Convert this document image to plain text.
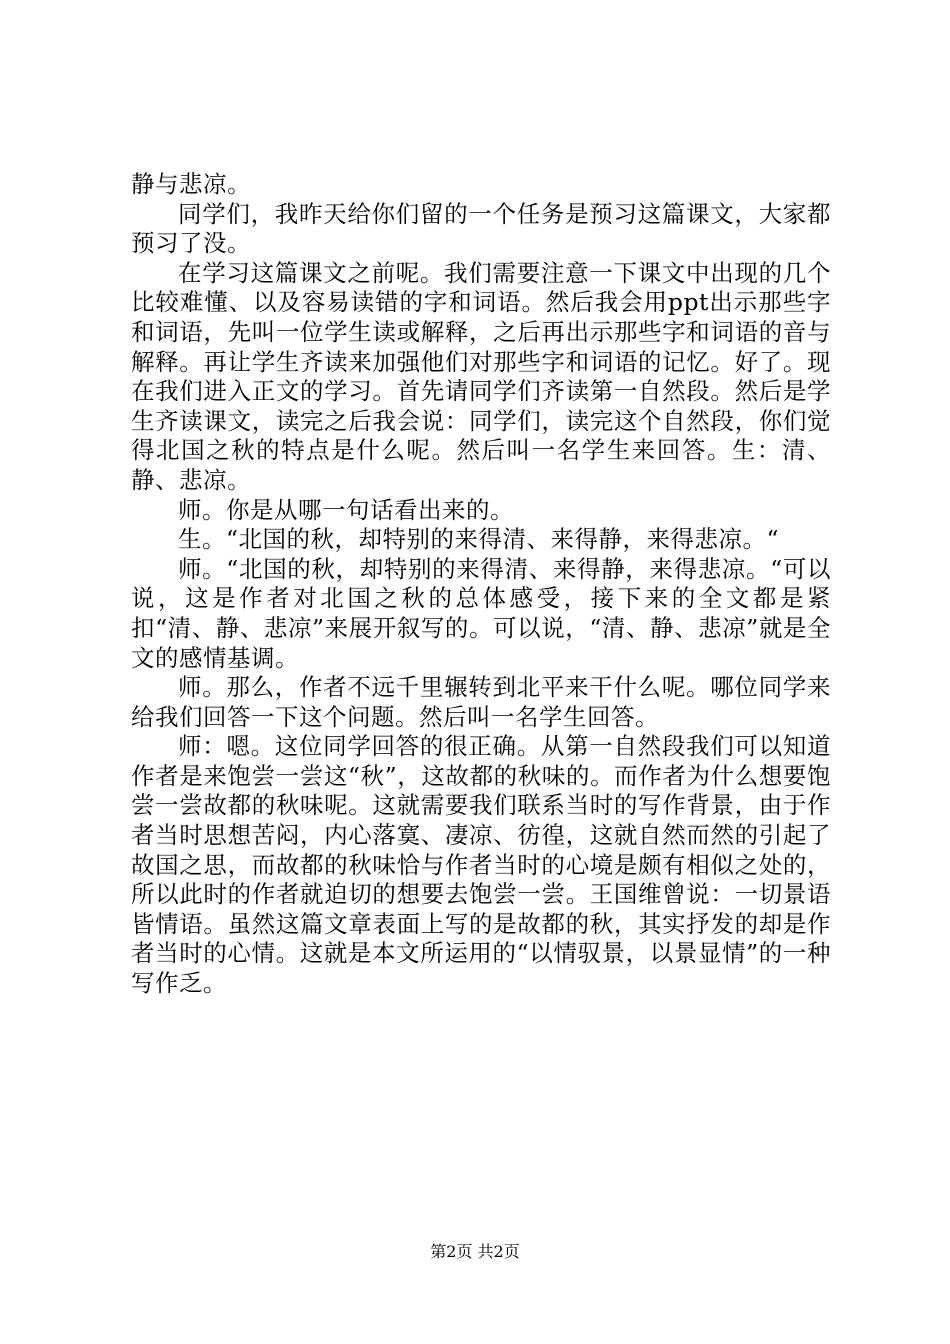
静与悲凉。

同学们，我昨天给你们留的一个任务是预习这篇课文，大家都预习了没。

在学习这篇课文之前呢。我们需要注意一下课文中出现的几个比较难懂、以及容易读错的字和词语。然后我会用ppt出示那些字和词语，先叫一位学生读或解释，之后再出示那些字和词语的音与解释。再让学生齐读来加强他们对那些字和词语的记忆。好了。现在我们进入正文的学习。首先请同学们齐读第一自然段。然后是学生齐读课文，读完之后我会说：同学们，读完这个自然段，你们觉得北国之秋的特点是什么呢。然后叫一名学生来回答。生：清、静、悲凉。

师。你是从哪一句话看出来的。

生。“北国的秋，却特别的来得清、来得静，来得悲凉。“

师。“北国的秋，却特别的来得清、来得静，来得悲凉。“可以说，这是作者对北国之秋的总体感受，接下来的全文都是紧扣“清、静、悲凉”来展开叙写的。可以说，“清、静、悲凉”就是全文的感情基调。

师。那么，作者不远千里辗转到北平来干什么呢。哪位同学来给我们回答一下这个问题。然后叫一名学生回答。

师：嗯。这位同学回答的很正确。从第一自然段我们可以知道作者是来饱尝一尝这“秋”，这故都的秋味的。而作者为什么想要饱尝一尝故都的秋味呢。这就需要我们联系当时的写作背景，由于作者当时思想苦闷，内心落寞、凄凉、彷徨，这就自然而然的引起了故国之思，而故都的秋味恰与作者当时的心境是颇有相似之处的，所以此时的作者就迫切的想要去饱尝一尝。王国维曾说：一切景语皆情语。虽然这篇文章表面上写的是故都的秋，其实抒发的却是作者当时的心情。这就是本文所运用的“以情驭景，以景显情”的一种写作乏。

第2页 共2页
